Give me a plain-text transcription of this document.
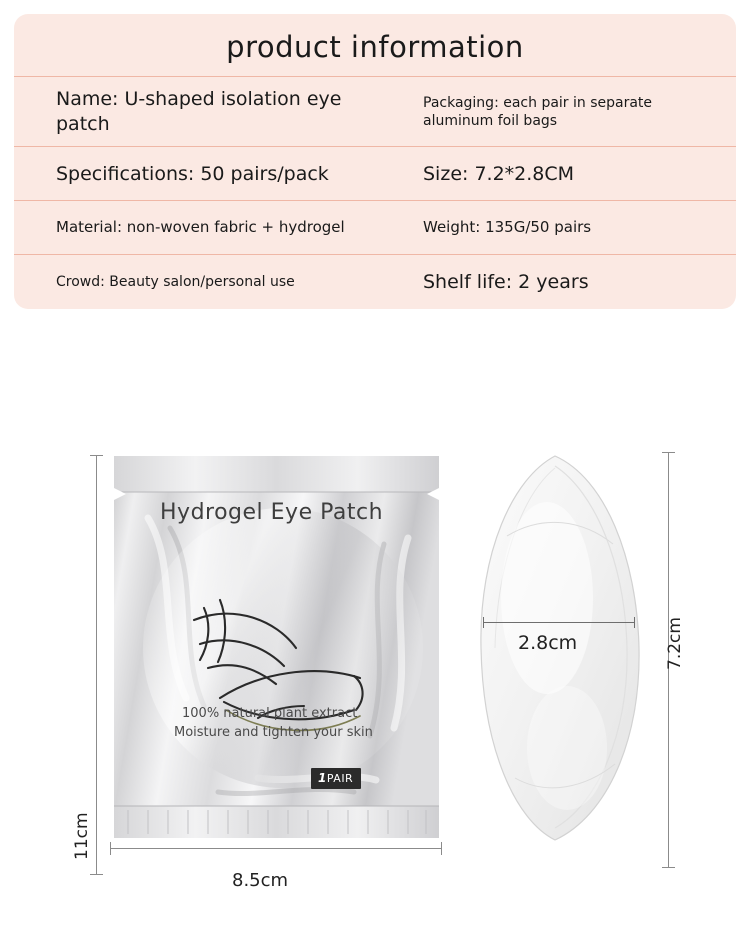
product information
Name: U-shaped isolation eye patch	Packaging: each pair in separate aluminum foil bags
Specifications: 50 pairs/pack	Size: 7.2*2.8CM
Material: non-woven fabric + hydrogel	Weight: 135G/50 pairs
Crowd: Beauty salon/personal use	Shelf life: 2 years
11cm
Hydrogel Eye Patch
100% natural plant extract
Moisture and tighten your skin
1PAIR
8.5cm
2.8cm	7.2cm
